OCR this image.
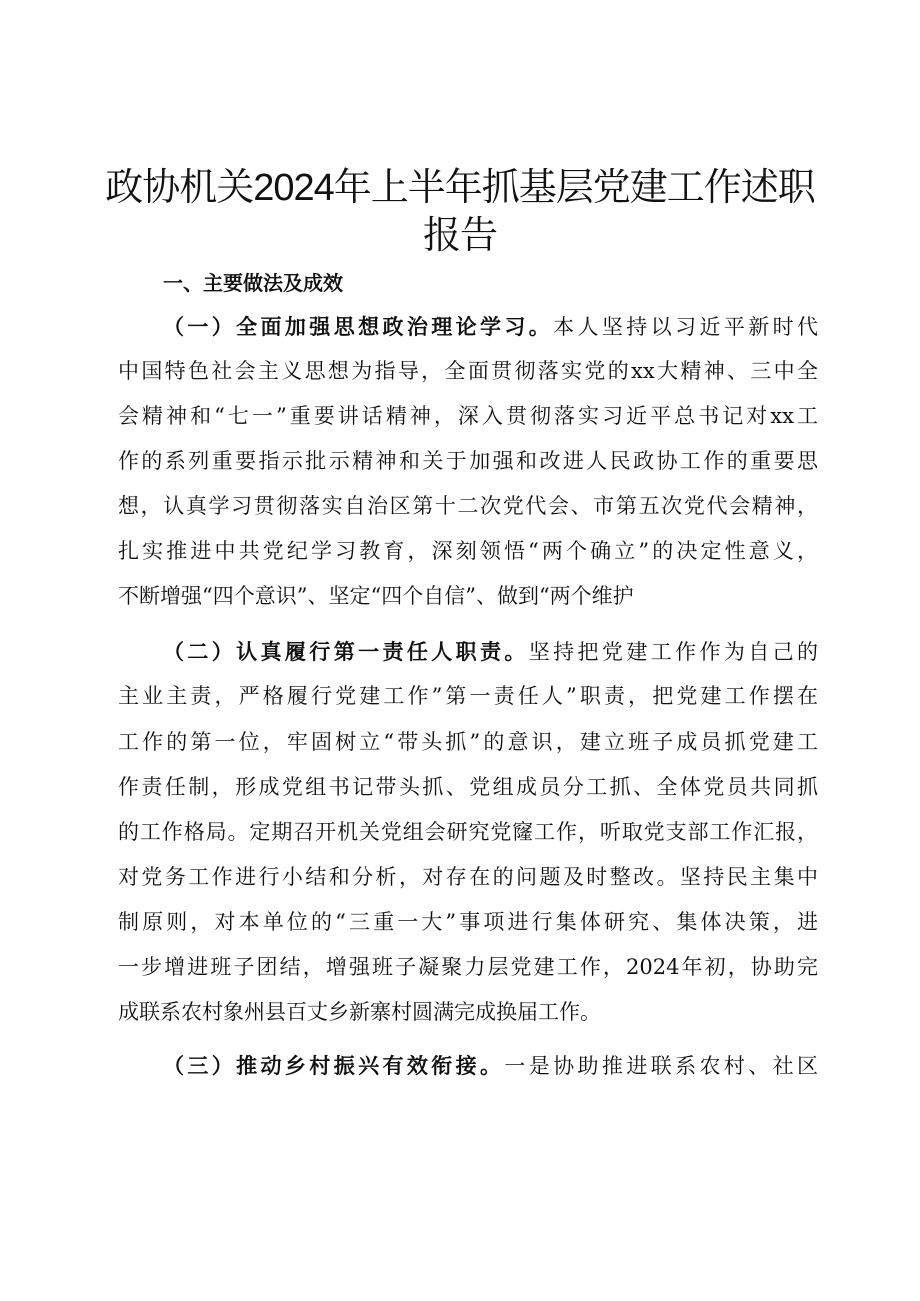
政协机关2024年上半年抓基层党建工作述职
报告
一、主要做法及成效
（一）全面加强思想政治理论学习。本人坚持以习近平新时代
中国特色社会主义思想为指导，全面贯彻落实党的xx大精神、三中全
会精神和“七一”重要讲话精神，深入贯彻落实习近平总书记对xx工
作的系列重要指示批示精神和关于加强和改进人民政协工作的重要思
想，认真学习贯彻落实自治区第十二次党代会、市第五次党代会精神，
扎实推进中共党纪学习教育，深刻领悟“两个确立”的决定性意义，
不断增强“四个意识”、坚定“四个自信”、做到“两个维护
（二）认真履行第一责任人职责。坚持把党建工作作为自己的
主业主责，严格履行党建工作”第一责任人”职责，把党建工作摆在
工作的第一位，牢固树立“带头抓”的意识，建立班子成员抓党建工
作责任制，形成党组书记带头抓、党组成员分工抓、全体党员共同抓
的工作格局。定期召开机关党组会研究党窿工作，听取党支部工作汇报，
对党务工作进行小结和分析，对存在的问题及时整改。坚持民主集中
制原则，对本单位的“三重一大”事项进行集体研究、集体决策，进
一步增进班子团结，增强班子凝聚力层党建工作，2024年初，协助完
成联系农村象州县百丈乡新寨村圆满完成换届工作。
（三）推动乡村振兴有效衔接。一是协助推进联系农村、社区
